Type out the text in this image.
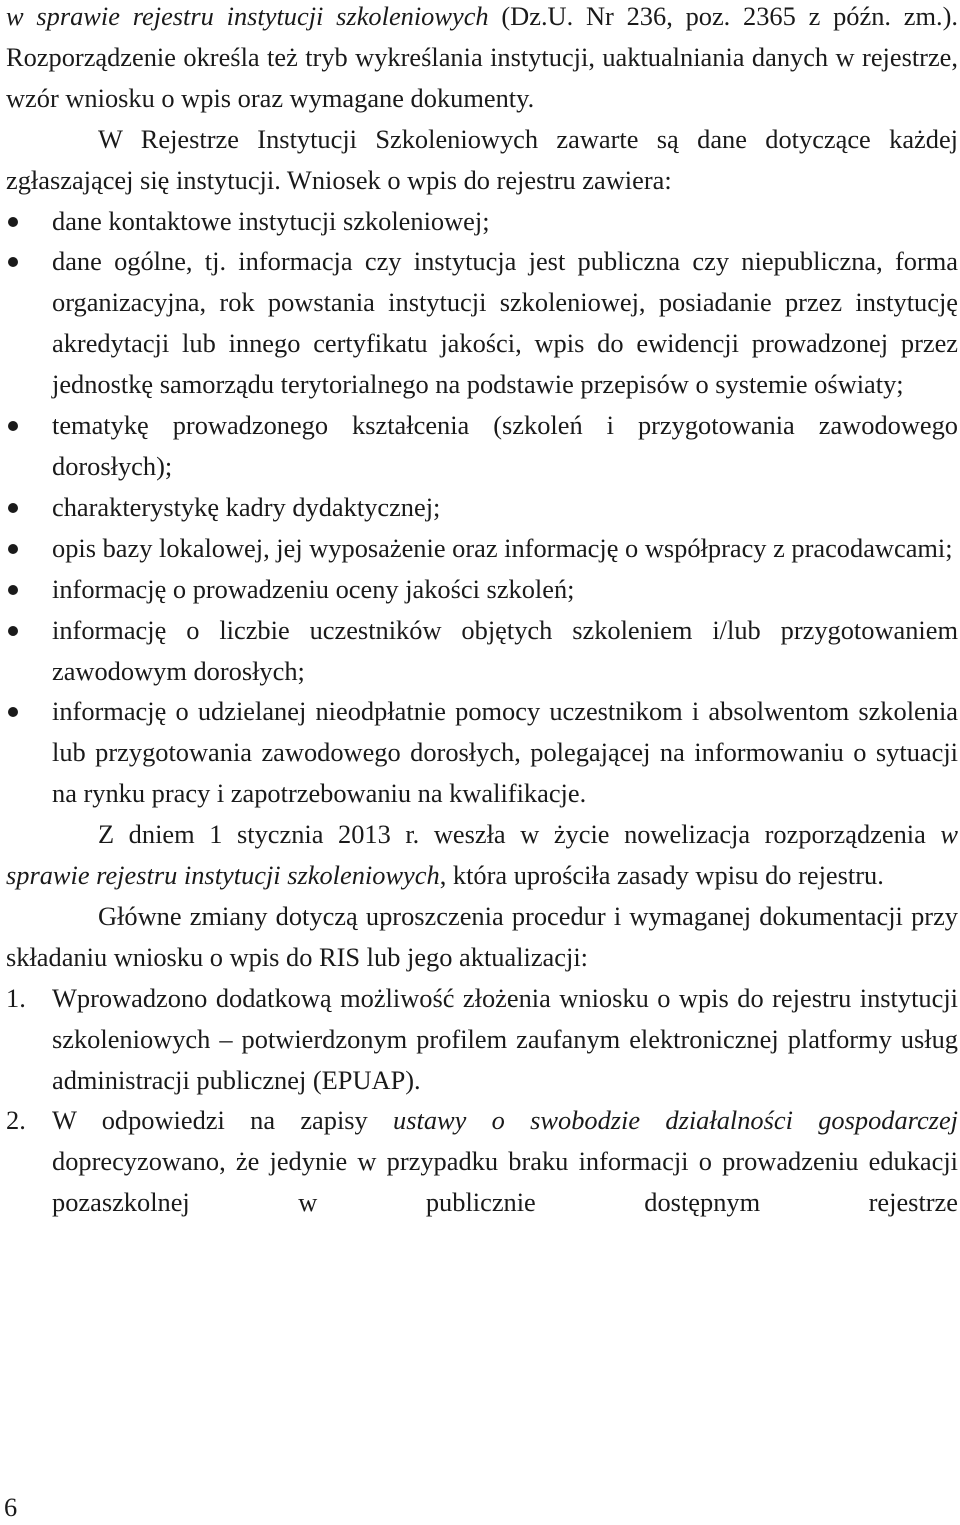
w sprawie rejestru instytucji szkoleniowych (Dz.U. Nr 236, poz. 2365 z późn. zm.). Rozporządzenie określa też tryb wykreślania instytucji, uaktualniania danych w rejestrze, wzór wniosku o wpis oraz wymagane dokumenty.

W Rejestrze Instytucji Szkoleniowych zawarte są dane dotyczące każdej zgłaszającej się instytucji. Wniosek o wpis do rejestru zawiera:

dane kontaktowe instytucji szkoleniowej;
dane ogólne, tj. informacja czy instytucja jest publiczna czy niepubliczna, forma organizacyjna, rok powstania instytucji szkoleniowej, posiadanie przez instytucję akredytacji lub innego certyfikatu jakości, wpis do ewidencji prowadzonej przez jednostkę samorządu terytorialnego na podstawie przepisów o systemie oświaty;
tematykę prowadzonego kształcenia (szkoleń i przygotowania zawodowego dorosłych);
charakterystykę kadry dydaktycznej;
opis bazy lokalowej, jej wyposażenie oraz informację o współpracy z pracodawcami;
informację o prowadzeniu oceny jakości szkoleń;
informację o liczbie uczestników objętych szkoleniem i/lub przygotowaniem zawodowym dorosłych;
informację o udzielanej nieodpłatnie pomocy uczestnikom i absolwentom szkolenia lub przygotowania zawodowego dorosłych, polegającej na informowaniu o sytuacji na rynku pracy i zapotrzebowaniu na kwalifikacje.

Z dniem 1 stycznia 2013 r. weszła w życie nowelizacja rozporządzenia w sprawie rejestru instytucji szkoleniowych, która uprościła zasady wpisu do rejestru.

Główne zmiany dotyczą uproszczenia procedur i wymaganej dokumentacji przy składaniu wniosku o wpis do RIS lub jego aktualizacji:

1. Wprowadzono dodatkową możliwość złożenia wniosku o wpis do rejestru instytucji szkoleniowych – potwierdzonym profilem zaufanym elektronicznej platformy usług administracji publicznej (EPUAP).
2. W odpowiedzi na zapisy ustawy o swobodzie działalności gospodarczej doprecyzowano, że jedynie w przypadku braku informacji o prowadzeniu edukacji pozaszkolnej w publicznie dostępnym rejestrze
6
